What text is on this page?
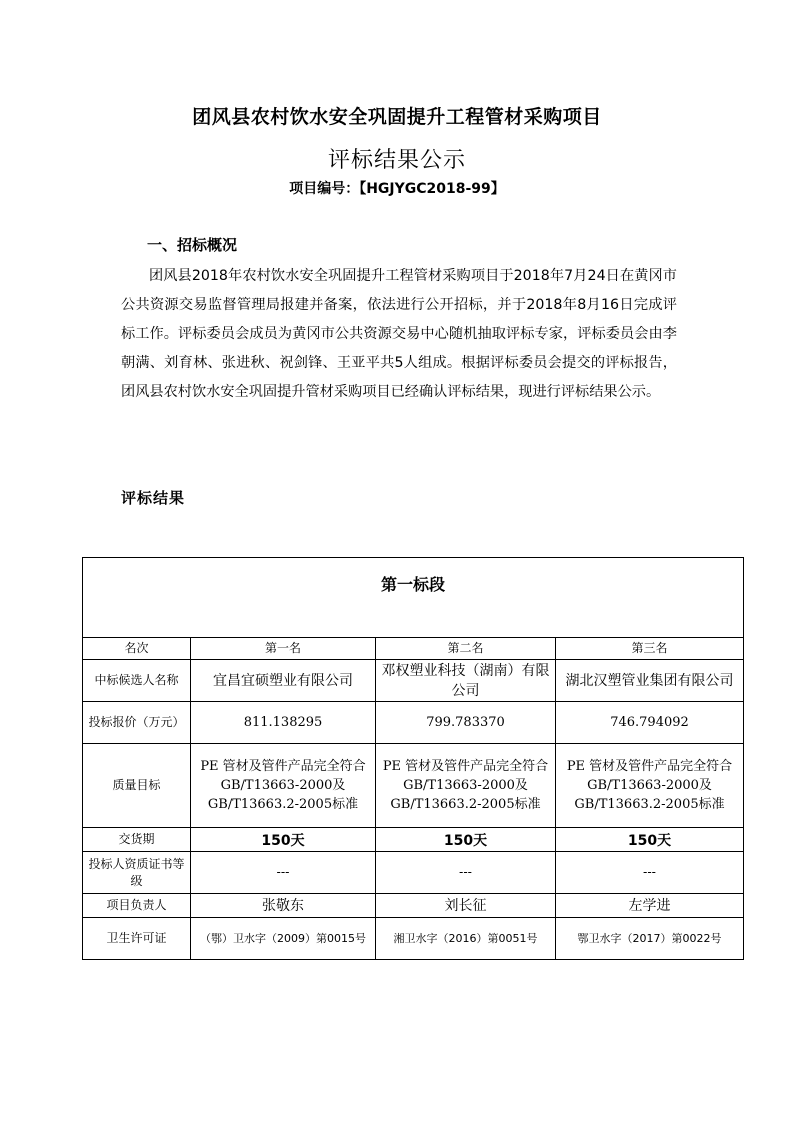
团风县农村饮水安全巩固提升工程管材采购项目
评标结果公示
项目编号：【HGJYGC2018-99】
一、招标概况
团风县2018年农村饮水安全巩固提升工程管材采购项目于2018年7月24日在黄冈市公共资源交易监督管理局报建并备案，依法进行公开招标，并于2018年8月16日完成评标工作。评标委员会成员为黄冈市公共资源交易中心随机抽取评标专家，评标委员会由李朝满、刘育林、张进秋、祝剑锋、王亚平共5人组成。根据评标委员会提交的评标报告，团风县农村饮水安全巩固提升管材采购项目已经确认评标结果，现进行评标结果公示。
评标结果
第一标段			
名次	第一名	第二名	第三名
中标候选人名称	宜昌宜硕塑业有限公司	邓权塑业科技（湖南）有限公司	湖北汉塑管业集团有限公司
投标报价（万元）	811.138295	799.783370	746.794092
质量目标	PE 管材及管件产品完全符合 GB/T13663-2000及 GB/T13663.2-2005标准	PE 管材及管件产品完全符合 GB/T13663-2000及 GB/T13663.2-2005标准	PE 管材及管件产品完全符合 GB/T13663-2000及 GB/T13663.2-2005标准
交货期	150天	150天	150天
投标人资质证书等级	---	---	---
项目负责人	张敬东	刘长征	左学进
卫生许可证	（鄂）卫水字（2009）第0015号	湘卫水字（2016）第0051号	鄂卫水字（2017）第0022号
